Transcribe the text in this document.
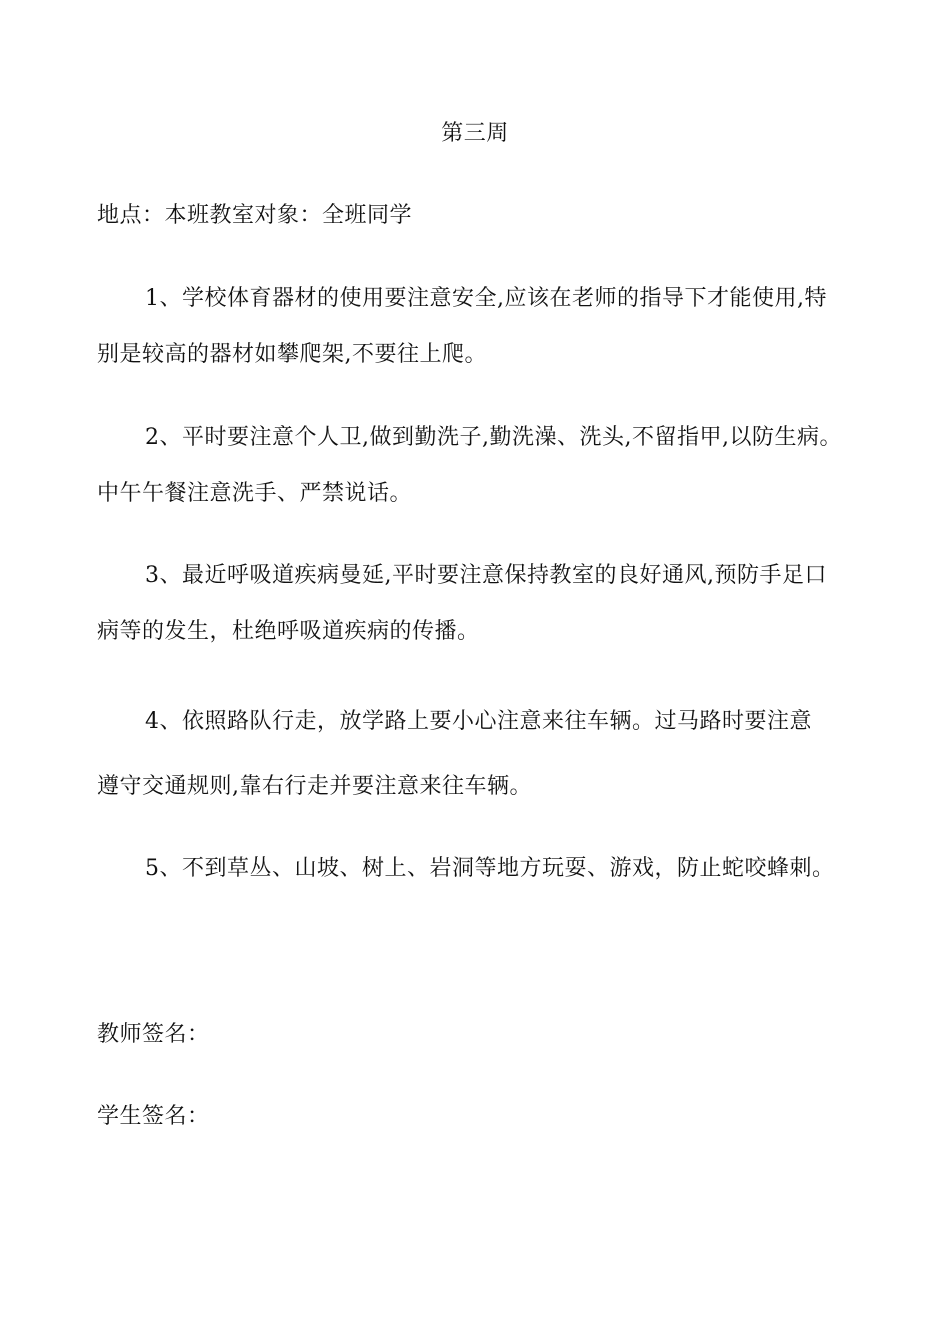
第三周
地点：本班教室对象：全班同学
1、学校体育器材的使用要注意安全,应该在老师的指导下才能使用,特
别是较高的器材如攀爬架,不要往上爬。
2、平时要注意个人卫,做到勤洗子,勤洗澡、洗头,不留指甲,以防生病。
中午午餐注意洗手、严禁说话。
3、最近呼吸道疾病曼延,平时要注意保持教室的良好通风,预防手足口
病等的发生，杜绝呼吸道疾病的传播。
4、依照路队行走，放学路上要小心注意来往车辆。过马路时要注意
遵守交通规则,靠右行走并要注意来往车辆。
5、不到草丛、山坡、树上、岩洞等地方玩耍、游戏，防止蛇咬蜂刺。
教师签名：
学生签名：
